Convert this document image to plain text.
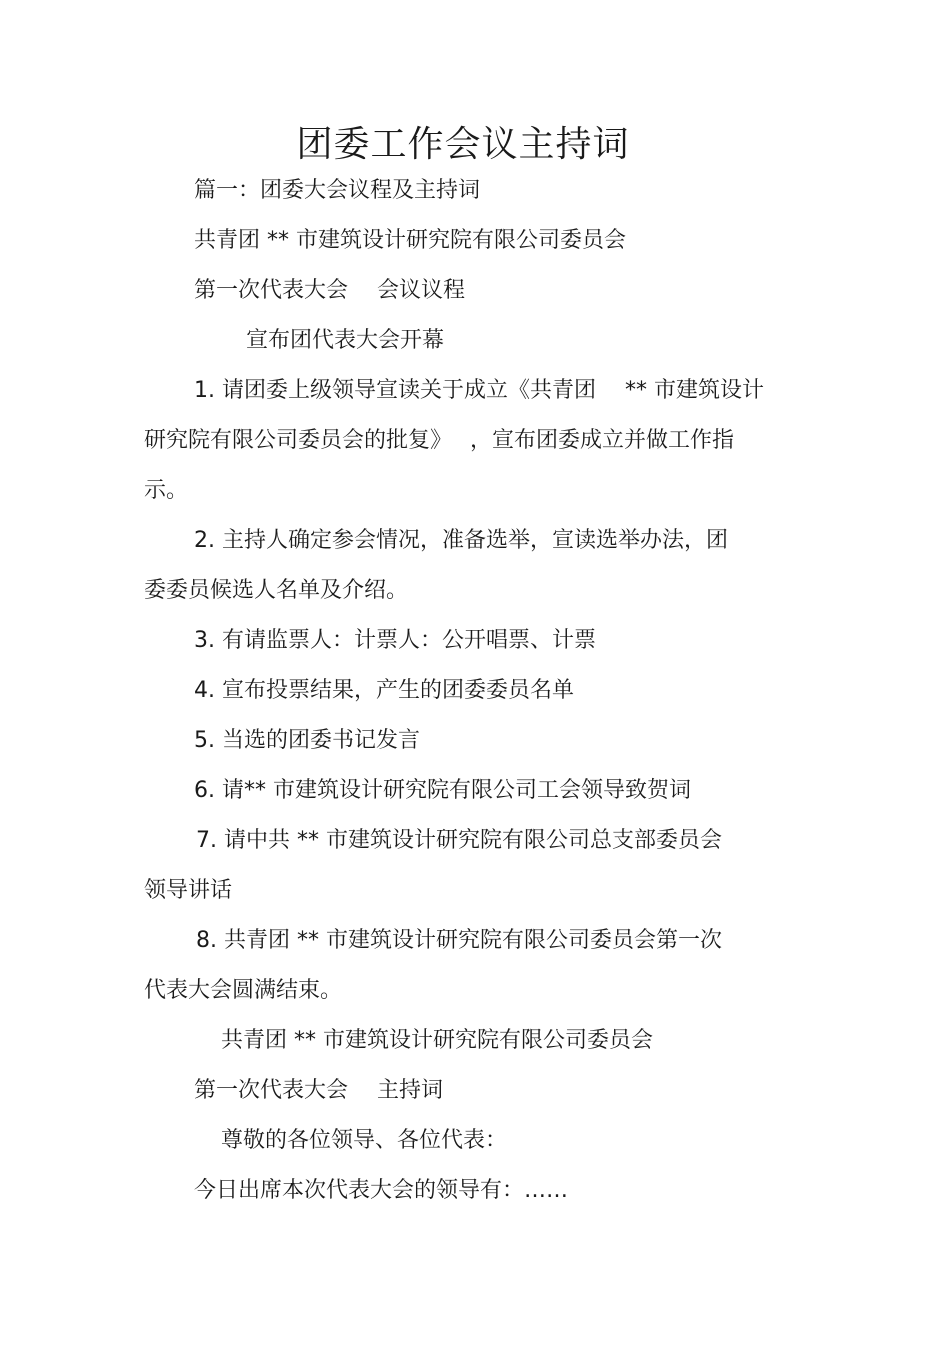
团委工作会议主持词
篇一：团委大会议程及主持词
共青团 ** 市建筑设计研究院有限公司委员会
第一次代表大会　 会议议程
宣布团代表大会开幕
1. 请团委上级领导宣读关于成立《共青团　 ** 市建筑设计
研究院有限公司委员会的批复》　 ，宣布团委成立并做工作指
示。
2. 主持人确定参会情况，准备选举，宣读选举办法，团
委委员候选人名单及介绍。
3. 有请监票人：计票人：公开唱票、计票
4. 宣布投票结果，产生的团委委员名单
5. 当选的团委书记发言
6. 请** 市建筑设计研究院有限公司工会领导致贺词
7. 请中共 ** 市建筑设计研究院有限公司总支部委员会
领导讲话
8. 共青团 ** 市建筑设计研究院有限公司委员会第一次
代表大会圆满结束。
共青团 ** 市建筑设计研究院有限公司委员会
第一次代表大会　 主持词
尊敬的各位领导、各位代表：
今日出席本次代表大会的领导有：……
